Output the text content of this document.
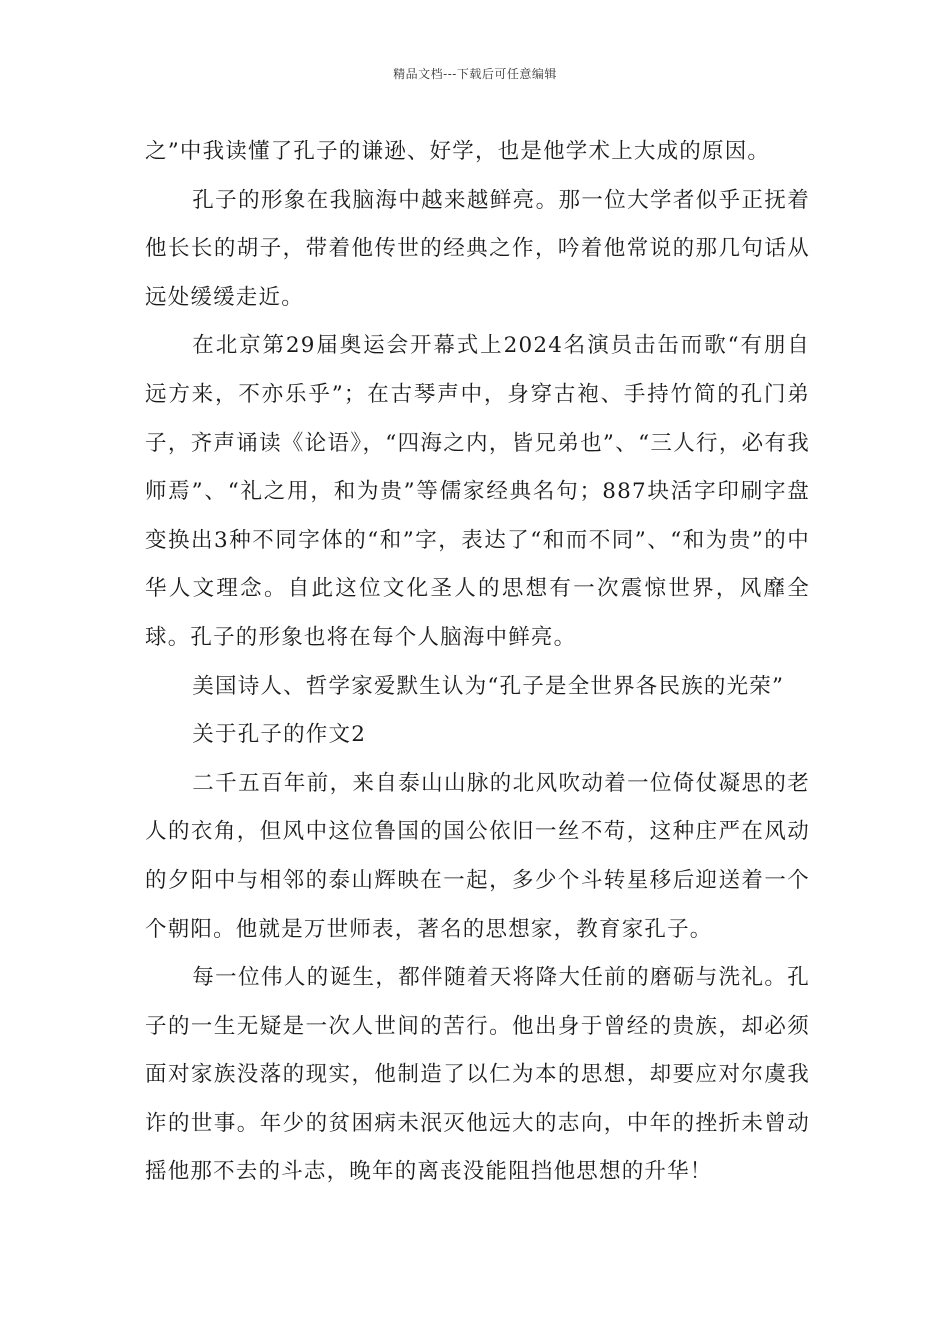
精品文档---下载后可任意编辑

之”中我读懂了孔子的谦逊、好学，也是他学术上大成的原因。

孔子的形象在我脑海中越来越鲜亮。那一位大学者似乎正抚着他长长的胡子，带着他传世的经典之作，吟着他常说的那几句话从远处缓缓走近。

在北京第29届奥运会开幕式上2024名演员击缶而歌“有朋自远方来，不亦乐乎”；在古琴声中，身穿古袍、手持竹简的孔门弟子，齐声诵读《论语》，“四海之内，皆兄弟也”、“三人行，必有我师焉”、“礼之用，和为贵”等儒家经典名句；887块活字印刷字盘变换出3种不同字体的“和”字，表达了“和而不同”、“和为贵”的中华人文理念。自此这位文化圣人的思想有一次震惊世界，风靡全球。孔子的形象也将在每个人脑海中鲜亮。

美国诗人、哲学家爱默生认为“孔子是全世界各民族的光荣”

关于孔子的作文2

二千五百年前，来自泰山山脉的北风吹动着一位倚仗凝思的老人的衣角，但风中这位鲁国的国公依旧一丝不苟，这种庄严在风动的夕阳中与相邻的泰山辉映在一起，多少个斗转星移后迎送着一个个朝阳。他就是万世师表，著名的思想家，教育家孔子。

每一位伟人的诞生，都伴随着天将降大任前的磨砺与洗礼。孔子的一生无疑是一次人世间的苦行。他出身于曾经的贵族，却必须面对家族没落的现实，他制造了以仁为本的思想，却要应对尔虞我诈的世事。年少的贫困病未泯灭他远大的志向，中年的挫折未曾动摇他那不去的斗志，晚年的离丧没能阻挡他思想的升华！
